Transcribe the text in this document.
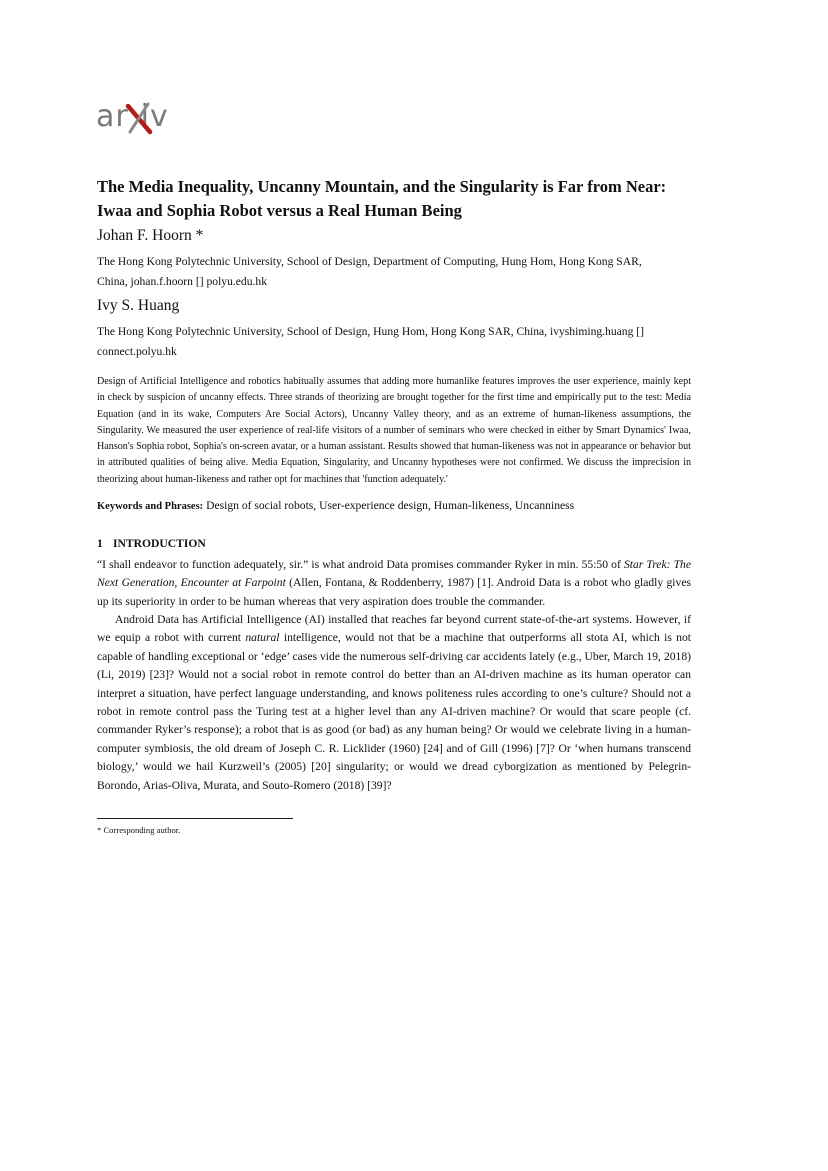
ar   iv
The Media Inequality, Uncanny Mountain, and the Singularity is Far from Near:
Iwaa and Sophia Robot versus a Real Human Being
Johan F. Hoorn *
The Hong Kong Polytechnic University, School of Design, Department of Computing, Hung Hom, Hong Kong SAR,
China, johan.f.hoorn [] polyu.edu.hk
Ivy S. Huang
The Hong Kong Polytechnic University, School of Design, Hung Hom, Hong Kong SAR, China, ivyshiming.huang []
connect.polyu.hk

Design of Artificial Intelligence and robotics habitually assumes that adding more humanlike features improves the user experience, mainly kept in check by suspicion of uncanny effects. Three strands of theorizing are brought together for the first time and empirically put to the test: Media Equation (and in its wake, Computers Are Social Actors), Uncanny Valley theory, and as an extreme of human-likeness assumptions, the Singularity. We measured the user experience of real-life visitors of a number of seminars who were checked in either by Smart Dynamics' Iwaa, Hanson's Sophia robot, Sophia's on-screen avatar, or a human assistant. Results showed that human-likeness was not in appearance or behavior but in attributed qualities of being alive. Media Equation, Singularity, and Uncanny hypotheses were not confirmed. We discuss the imprecision in theorizing about human-likeness and rather opt for machines that 'function adequately.'

Keywords and Phrases: Design of social robots, User-experience design, Human-likeness, Uncanniness
1 INTRODUCTION

“I shall endeavor to function adequately, sir.” is what android Data promises commander Ryker in min. 55:50 of Star Trek: The Next Generation, Encounter at Farpoint (Allen, Fontana, & Roddenberry, 1987) [1]. Android Data is a robot who gladly gives up its superiority in order to be human whereas that very aspiration does trouble the commander.

Android Data has Artificial Intelligence (AI) installed that reaches far beyond current state-of-the-art systems. However, if we equip a robot with current natural intelligence, would not that be a machine that outperforms all stota AI, which is not capable of handling exceptional or ‘edge’ cases vide the numerous self-driving car accidents lately (e.g., Uber, March 19, 2018) (Li, 2019) [23]? Would not a social robot in remote control do better than an AI-driven machine as its human operator can interpret a situation, have perfect language understanding, and knows politeness rules according to one’s culture? Should not a robot in remote control pass the Turing test at a higher level than any AI-driven machine? Or would that scare people (cf. commander Ryker’s response); a robot that is as good (or bad) as any human being? Or would we celebrate living in a human-computer symbiosis, the old dream of Joseph C. R. Licklider (1960) [24] and of Gill (1996) [7]? Or ‘when humans transcend biology,’ would we hail Kurzweil’s (2005) [20] singularity; or would we dread cyborgization as mentioned by Pelegrin-Borondo, Arias-Oliva, Murata, and Souto-Romero (2018) [39]?

* Corresponding author.
